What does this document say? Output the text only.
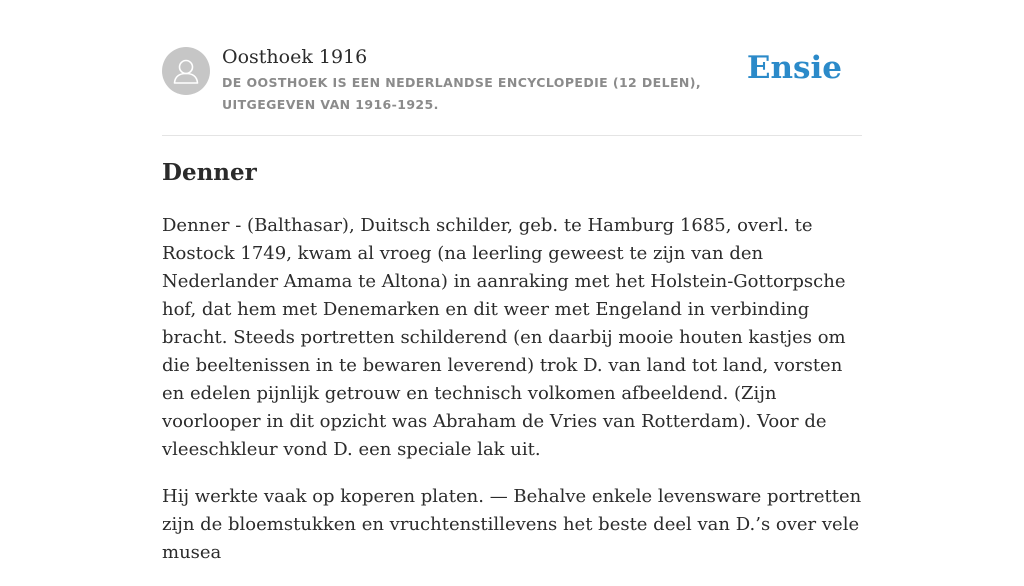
Oosthoek 1916
DE OOSTHOEK IS EEN NEDERLANDSE ENCYCLOPEDIE (12 DELEN), UITGEGEVEN VAN 1916-1925.
Ensie
Denner

Denner - (Balthasar), Duitsch schilder, geb. te Hamburg 1685, overl. te Rostock 1749, kwam al vroeg (na leerling geweest te zijn van den Nederlander Amama te Altona) in aanraking met het Holstein-Gottorpsche hof, dat hem met Denemarken en dit weer met Engeland in verbinding bracht. Steeds portretten schilderend (en daarbij mooie houten kastjes om die beeltenissen in te bewaren leverend) trok D. van land tot land, vorsten en edelen pijnlijk getrouw en technisch volkomen afbeeldend. (Zijn voorlooper in dit opzicht was Abraham de Vries van Rotterdam). Voor de vleeschkleur vond D. een speciale lak uit.

Hij werkte vaak op koperen platen. — Behalve enkele levensware portretten zijn de bloemstukken en vruchtenstillevens het beste deel van D.’s over vele musea
